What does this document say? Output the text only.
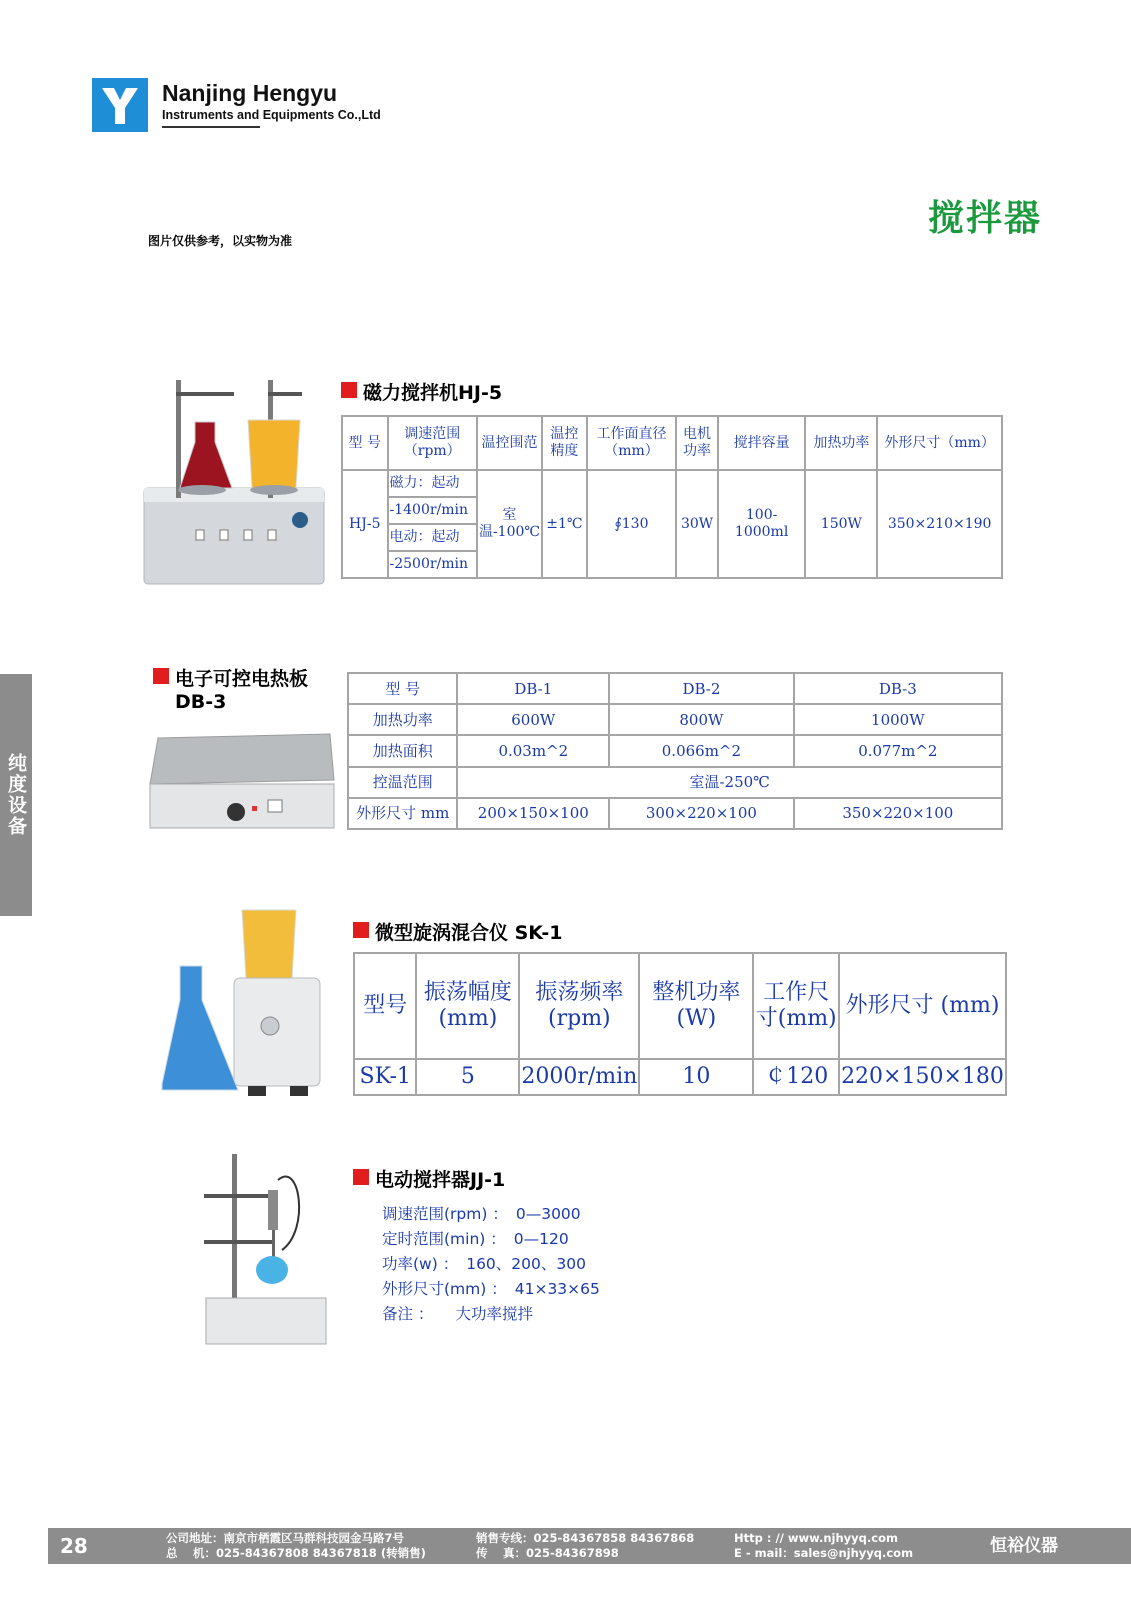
Nanjing Hengyu
Instruments and Equipments Co.,Ltd
搅拌器
图片仅供参考，以实物为准
纯度设备
磁力搅拌机HJ-5
型 号	调速范围（rpm）	温控围范	温控精度	工作面直径（mm）	电机功率	搅拌容量	加热功率	外形尺寸（mm）
HJ-5	磁力：起动	室温-100℃	±1℃	∮130	30W	100-1000ml	150W	350×210×190
	-1400r/min							
	电动：起动							
	-2500r/min							
电子可控电热板
DB-3
型 号	DB-1	DB-2	DB-3
加热功率	600W	800W	1000W
加热面积	0.03m^2	0.066m^2	0.077m^2
控温范围	室温-250℃		
外形尺寸 mm	200×150×100	300×220×100	350×220×100
微型旋涡混合仪 SK-1
型号	振荡幅度(mm)	振荡频率(rpm)	整机功率(W)	工作尺寸(mm)	外形尺寸 (mm)
SK-1	5	2000r/min	10	￠120	220×150×180
电动搅拌器JJ-1
调速范围(rpm) ： 0—3000
定时范围(min) ： 0—120
功率(w) ： 160、200、300
外形尺寸(mm) ： 41×33×65
备注 ： 大功率搅拌
28	公司地址：南京市栖霞区马群科技园金马路7号
总　 机：025-84367808 84367818 (转销售)
销售专线：025-84367858 84367868
传　 真：025-84367898
Http : // www.njhyyq.com
E - mail：sales@njhyyq.com	恒裕仪器
